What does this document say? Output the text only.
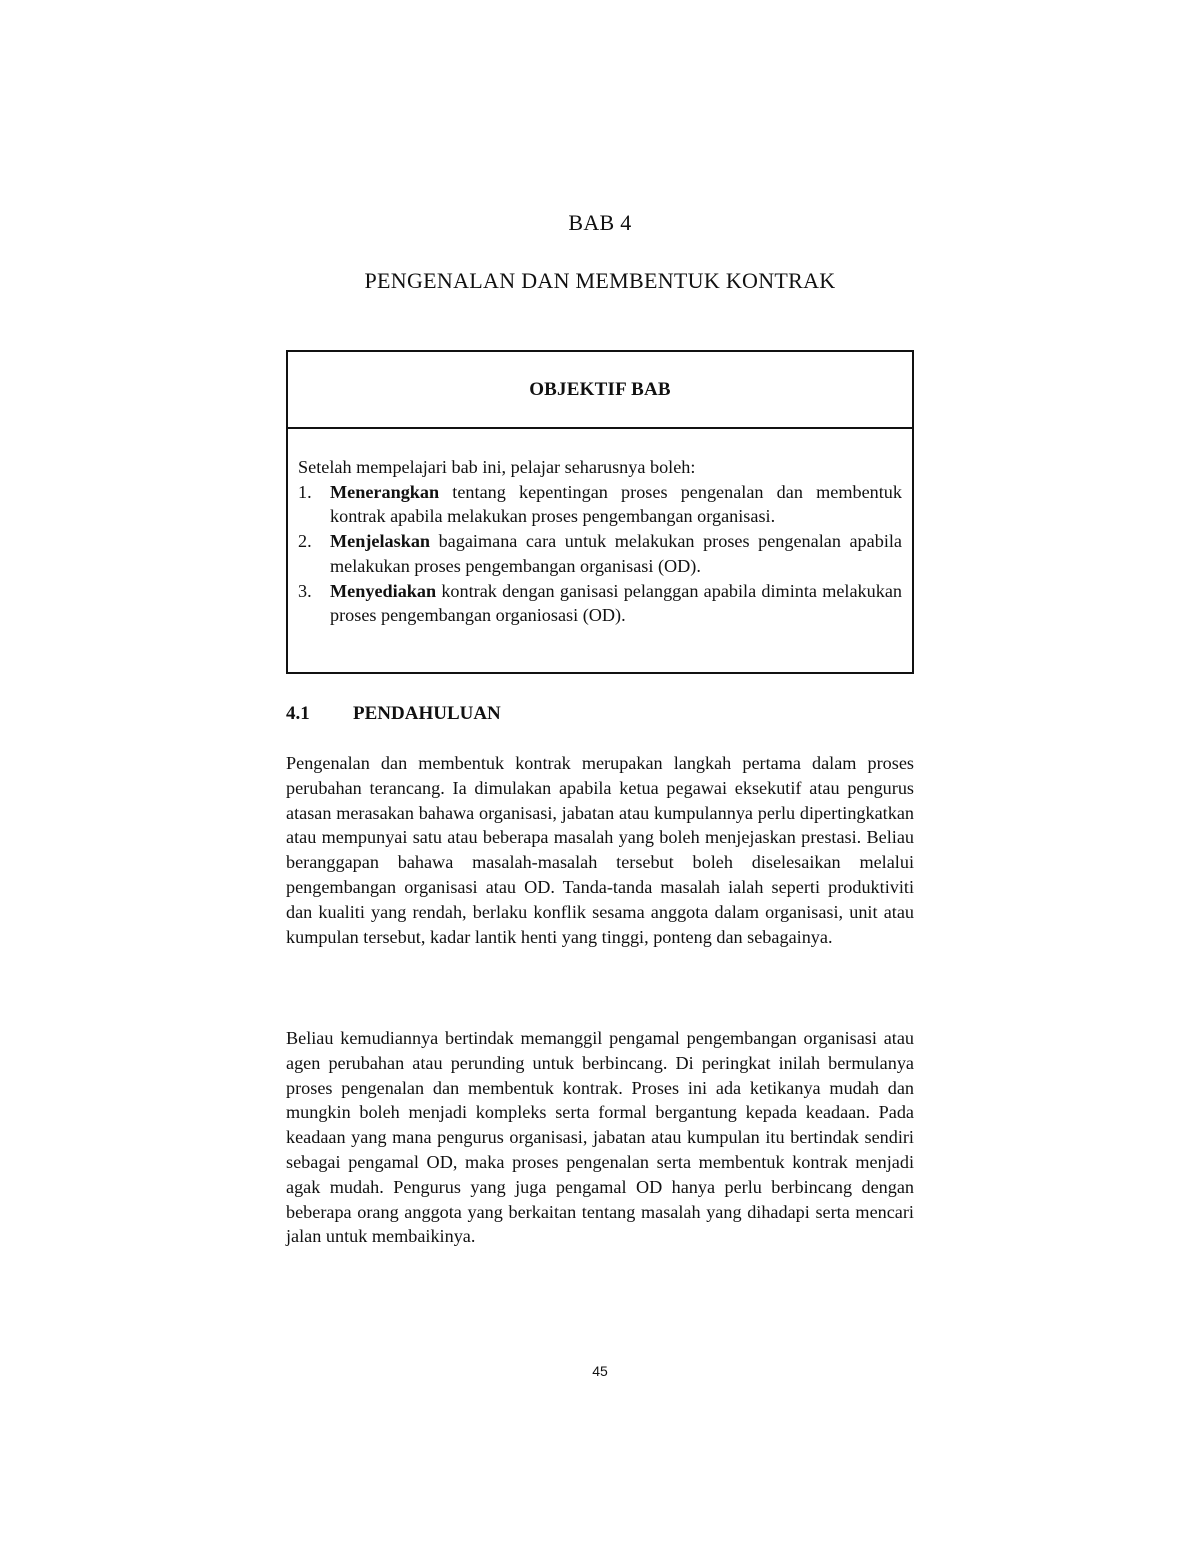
BAB 4
PENGENALAN DAN MEMBENTUK KONTRAK
OBJEKTIF BAB

Setelah mempelajari bab ini, pelajar seharusnya boleh:

1.	Menerangkan tentang kepentingan proses pengenalan dan membentuk kontrak apabila melakukan proses pengembangan organisasi.
2.	Menjelaskan bagaimana cara untuk melakukan proses pengenalan apabila melakukan proses pengembangan organisasi (OD).
3.	Menyediakan kontrak dengan ganisasi pelanggan apabila diminta melakukan proses pengembangan organiosasi (OD).
4.1	PENDAHULUAN

Pengenalan dan membentuk kontrak merupakan langkah pertama dalam proses perubahan terancang. Ia dimulakan apabila ketua pegawai eksekutif atau pengurus atasan merasakan bahawa organisasi, jabatan atau kumpulannya perlu dipertingkatkan atau mempunyai satu atau beberapa masalah yang boleh menjejaskan prestasi. Beliau beranggapan bahawa masalah-masalah tersebut boleh diselesaikan melalui pengembangan organisasi atau OD. Tanda-tanda masalah ialah seperti produktiviti dan kualiti yang rendah, berlaku konflik sesama anggota dalam organisasi, unit atau kumpulan tersebut, kadar lantik henti yang tinggi, ponteng dan sebagainya.

Beliau kemudiannya bertindak memanggil pengamal pengembangan organisasi atau agen perubahan atau perunding untuk berbincang. Di peringkat inilah bermulanya proses pengenalan dan membentuk kontrak. Proses ini ada ketikanya mudah dan mungkin boleh menjadi kompleks serta formal bergantung kepada keadaan. Pada keadaan yang mana pengurus organisasi, jabatan atau kumpulan itu bertindak sendiri sebagai pengamal OD, maka proses pengenalan serta membentuk kontrak menjadi agak mudah. Pengurus yang juga pengamal OD hanya perlu berbincang dengan beberapa orang anggota yang berkaitan tentang masalah yang dihadapi serta mencari jalan untuk membaikinya.

45
